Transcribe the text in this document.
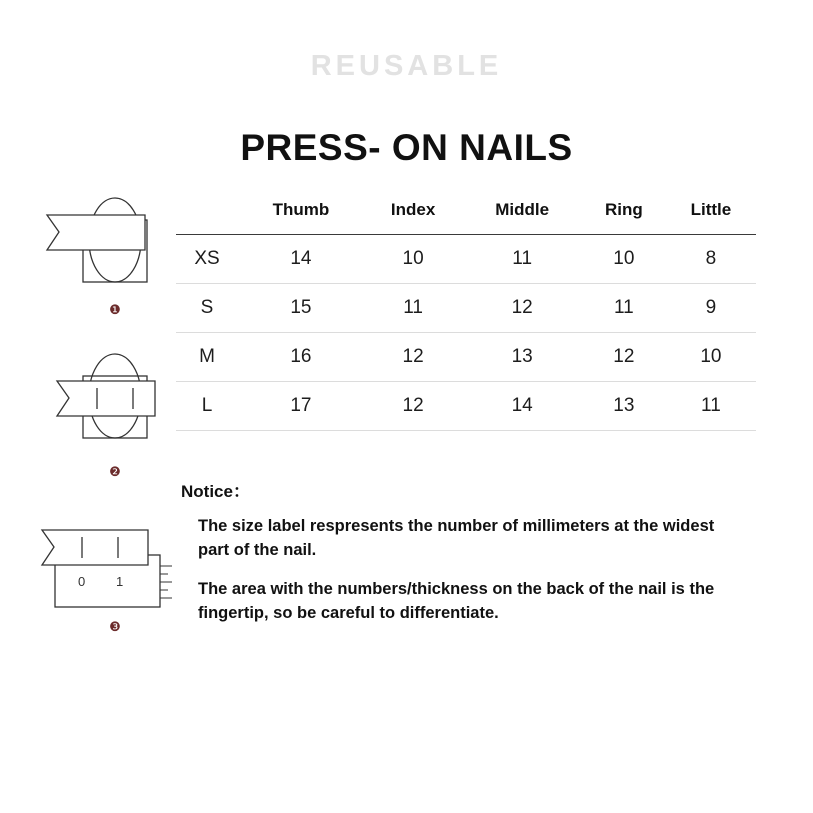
REUSABLE
PRESS- ON NAILS
❶
❷
0 1
❸
	Thumb	Index	Middle	Ring	Little
XS	14	10	11	10	8
S	15	11	12	11	9
M	16	12	13	12	10
L	17	12	14	13	11
Notice：
The size label respresents the number of millimeters at the widest part of the nail.
The area with the numbers/thickness on the back of the nail is the fingertip, so be careful to differentiate.
